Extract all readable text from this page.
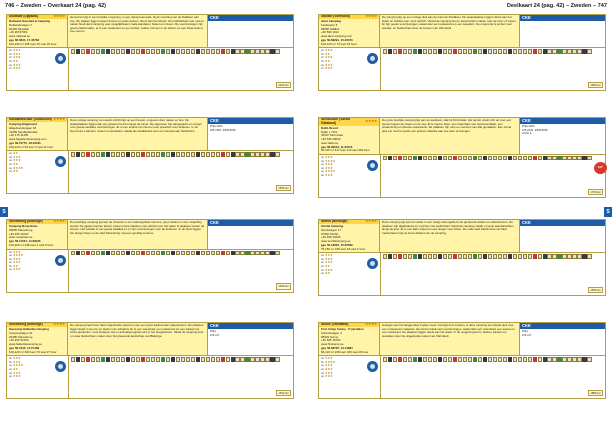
746 – Zweden – Overkaart 24 (pag. 42)
S
Skutskär (Uppsala)	★★★★
Rullsand Havsbad & Camping
Rullsandsvägen 7
81494 Skutskär
+46 26727001
www.rullsand.se
gps 60.6844, 17.45783
100-150 m² 205 toeri 15 vast 18 huur
Het terrein ligt in een bosrijke omgeving, in een natuurreservaat, bij de monding van de Dalälven aan zee. De vlaaien liggen tussen bomen en grote duinen, direct aan het strand. Voor liefhebbers van rust en natuur biedt deze camping vele mogelijkheden zoals wandelen, fietsen en vissen. De voorzieningen zijn goed onderhouden, er is een restaurant en een winkel. Lekker zonnen in de duinen en een frisse duik in zee nemen.
CKE
▪▪▪ ★★★
▪▪▪ ★★★
▪▪▪ ★★★
▪▪▪ ★★
▪▪▪ ★★★
▪▪▪ ★★★
2103 km
Sandlandsvikar (Stockholm) ★★★★
Camping Hågelsund
Hågelsundsvägen 18
31009 Sandlandsvikar
+46 175 41155
www.hagelsundcamping.com
gps 59.51775, 18.40195
100-120 m² 53 toeri 3 vast 11 huur
Deze rustige camping met weids uitzicht ligt op een heuvel, omgeven door natuur en bos. De staanplaatsen liggen aan een glooiend terrein langs de oever. De eigenaren zijn aangenaam en zorgen voor goede sanitaire voorzieningen. Er is een strand met zand en een speeltuin voor kinderen. In de buurt kunt u kanoën, vissen en wandelen. Ideaal als uitvalsbasis voor een bezoek aan Stockholm.
CKE
Prijs 20%
2/5-15/6, 18/8-30/9
▪▪▪ ★★
▪▪▪ ★★★
▪▪▪ ★★★
▪▪▪ ★★
▪▪▪ ★★★★
▪▪▪ ★★
1875 km
Sölvesborg (Blekinge)	★★★★
Camping Norje Boke
29665 Sölvesborg
+46 456 31030
www.norjeboke.se
gps 56.11534, 14.68106
100-200 m² 338 toeri 2 vast 9 huur
De prachtige camping ligt aan de Oostzee in een natuurgebied met bos, open velden en een rotsachtig strand. De gasten kunnen kiezen tussen ruime plaatsen met uitzicht over het water of plaatsen tussen de bomen. Het sanitair is van goede kwaliteit en er zijn voorzieningen voor de kinderen. In de buurt liggen het dorpje Norje en de stad Sölvesborg met een gezellig centrum.
CKE
▪▪▪ ★★★
▪▪▪ ★★★★
▪▪▪ ★★★
▪▪▪ ★★★
▪▪▪ ★★
▪▪▪ ★★★
1510 km
Sölvesborg (Blekinge)	★★★★
Swecamp Hällevika Camping
Campingvägen 41
29495 Sölvesborg
+46 456 52150
www.hallevikacamping.se
gps 56.0145, 14.71438
100-120 m² 300 toeri 70 vast 27 huur
De camping heeft door haar uitgestrekte strand en zee een groot aanbod aan watersporten. De plaatsen liggen deels in de zon en deels in de schaduw. Er is een zwembad, een restaurant en een winkel met verse producten. Voor kinderen zijn er animatieprogramma's in het hoogseizoen. Vanaf de camping kunt u mooie fietstochten maken door het glooiende landschap van Blekinge.
CKE
Prijs
1/5-1/7
▪▪▪ ★★★
▪▪▪ ★★★
▪▪▪ ★★★★
▪▪▪ ★★
▪▪▪ ★★★
▪▪▪ ★★★
1512 km
Deelkaart 24 (pag. 42) – Zweden – 747
S
Ställbel (Värmland)	★★★★
Alevi Camping
Fastlandsv 5
68050 Ställbel
+46 590 1012
www.alevi-camping.com
gps 59.89291, 15.40373
100-120 m² 70 toeri 18 huur
De camping ligt op een rustige plek aan de rivier de Klarälven. De staanplaatsen liggen direct aan het water en hebben een mooi uitzicht. Vanuit de camping kunt u kanotochten maken over de rivier of vissen. Er zijn goede voorzieningen, waaronder een restaurant en een speeltuin. De omgeving is perfect voor wandel- en fietstochten door de bossen van Värmland.
CKE
▪▪▪ ★★★
▪▪▪ ★★
▪▪▪ ★★★
▪▪▪ ★★
▪▪▪ ★★★
▪▪▪ ★★★
1960 km
Stellsundet (Västra Götaland)	★★★★
Daftö Resort
Daftö v 7151
45297 Strömstad
+46 526 26040
www.dafto.se
gps 58.90613, 11.20116
60-115 m² 417 toeri 110 vast 363 huur
De grote bosrijke camping ligt aan de westkust, vlak bij Strömstad. Het terrein strekt zich uit over een heuvel tussen de rotsen en de zee. Er is veel te doen: een zwembad, een avonturenbaan, een piratenschip en diverse restaurants. De plaatsen zijn ruim en voorzien van alle gemakken. Een prima plek om met het gezin een actieve vakantie aan zee door te brengen.
CKE
Prijs 20%
1/5-21/6, 18/8-30/9
ACSI 1
▪▪▪ ★★★
▪▪▪ ★★★★
▪▪▪ ★★★
▪▪▪ ★★★
▪▪▪ ★★★★
▪▪▪ ★★★
1760 km
TOP
Storlid (Blekinge)	★★★★
Storlid Camping
Idrottsvägen 17
37962 Storlid
+46 455 43445
www.storlidcamping.se
gps 56.18604, 15.63599
75-150 m² 185 toeri 18 vast 5 huur
Deze camping ligt aan het water in een rustig natuurgebied met glooiende weiden en eikenbossen. De plaatsen zijn afgebakend en voorzien van elektriciteit. Vanaf de camping maakt u mooie wandeltochten langs de kust. Er is een klein strand en een steiger voor boten. De oude stad Karlskrona met haar marinehaven ligt op korte afstand van de camping.
CKE
▪▪▪ ★★★
▪▪▪ ★★★
▪▪▪ ★★★
▪▪▪ ★★
▪▪▪ ★★★
▪▪▪ ★★
1565 km
Sunne (Värmland)	★★★★
First Camp Sunne - Fryksdalen
Kolsnäsvägen 4
68633 Sunne
+46 565 16760
www.firstcamp.se
gps 59.83705, 13.14884
80-110 m² 238 toeri 180 vast 18 huur
Gelegen aan het langgerekte Fryken-meer omringd door bossen, is deze camping een ideale plek voor een ontspannen vakantie. Het terrein biedt veel voorzieningen, waaronder een zwembad, een sauna en een restaurant. De plaatsen liggen deels aan het water. In de omgeving kunt u fietsen, kanoën en wandelen door de uitgestrekte natuur van Värmland.
CKE
Prijs
1/5-1/7
▪▪▪ ★★★
▪▪▪ ★★★★
▪▪▪ ★★★
▪▪▪ ★★★
▪▪▪ ★★★
▪▪▪ ★★★
1886 km
